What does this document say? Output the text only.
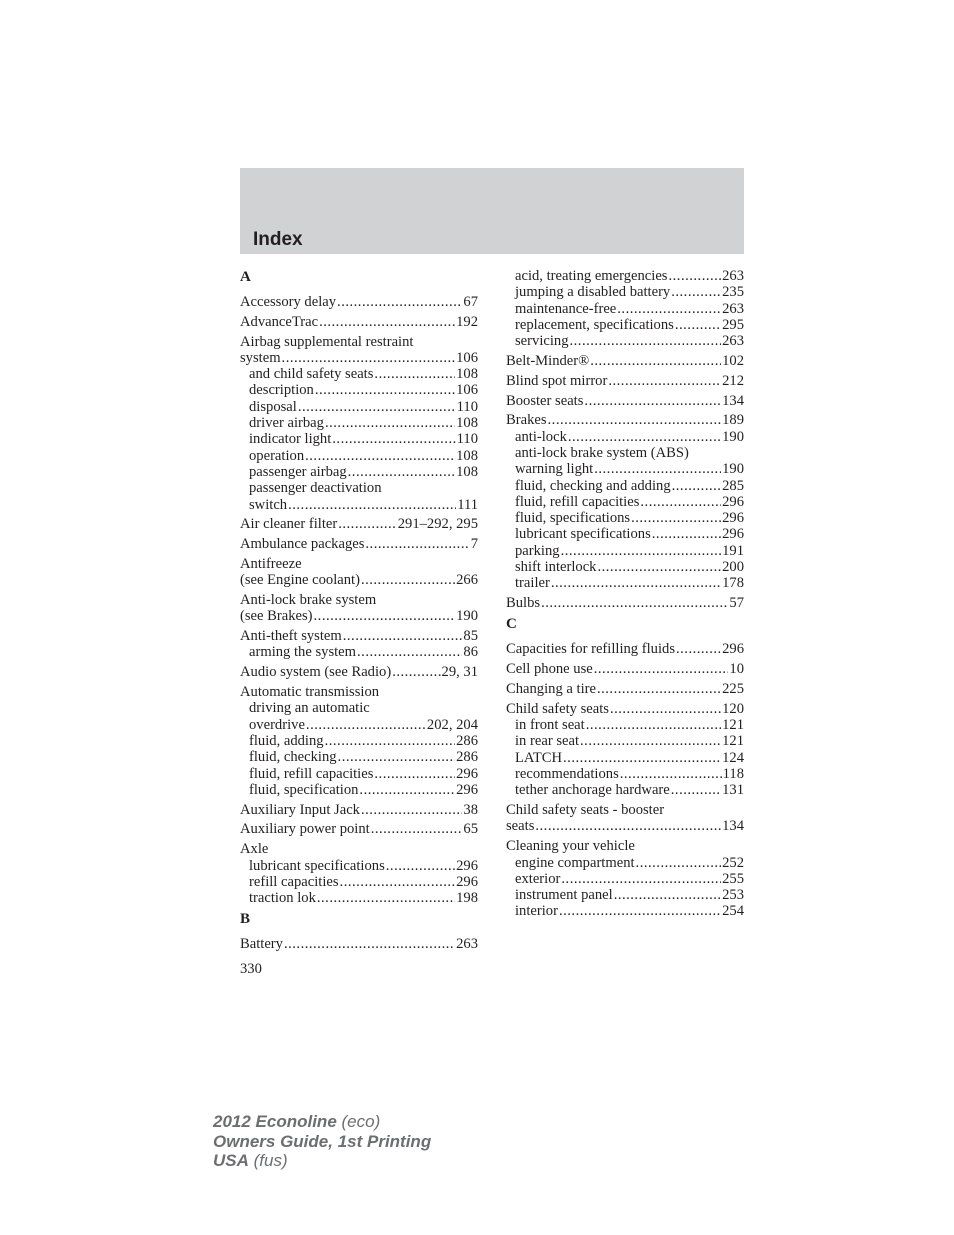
Index
A
Accessory delay .....	67
AdvanceTrac .....	192
Airbag supplemental restraint
system .....	106
and child safety seats .....	108
description .....	106
disposal .....	110
driver airbag .....	108
indicator light .....	110
operation .....	108
passenger airbag .....	108
passenger deactivation
switch .....	111
Air cleaner filter .....	291–292, 295
Ambulance packages .....	7
Antifreeze
(see Engine coolant) .....	266
Anti-lock brake system
(see Brakes) .....	190
Anti-theft system .....	85
arming the system .....	86
Audio system (see Radio) .....	29, 31
Automatic transmission
driving an automatic
overdrive .....	202, 204
fluid, adding .....	286
fluid, checking .....	286
fluid, refill capacities .....	296
fluid, specification .....	296
Auxiliary Input Jack .....	38
Auxiliary power point .....	65
Axle
lubricant specifications .....	296
refill capacities .....	296
traction lok .....	198
B
Battery .....	263
acid, treating emergencies .....	263
jumping a disabled battery .....	235
maintenance-free .....	263
replacement, specifications .....	295
servicing .....	263
Belt-Minder® .....	102
Blind spot mirror .....	212
Booster seats .....	134
Brakes .....	189
anti-lock .....	190
anti-lock brake system (ABS)
warning light .....	190
fluid, checking and adding .....	285
fluid, refill capacities .....	296
fluid, specifications .....	296
lubricant specifications .....	296
parking .....	191
shift interlock .....	200
trailer .....	178
Bulbs .....	57
C
Capacities for refilling fluids .....	296
Cell phone use .....	10
Changing a tire .....	225
Child safety seats .....	120
in front seat .....	121
in rear seat .....	121
LATCH .....	124
recommendations .....	118
tether anchorage hardware .....	131
Child safety seats - booster
seats .....	134
Cleaning your vehicle
engine compartment .....	252
exterior .....	255
instrument panel .....	253
interior .....	254
330
2012 Econoline (eco)
Owners Guide, 1st Printing
USA (fus)
